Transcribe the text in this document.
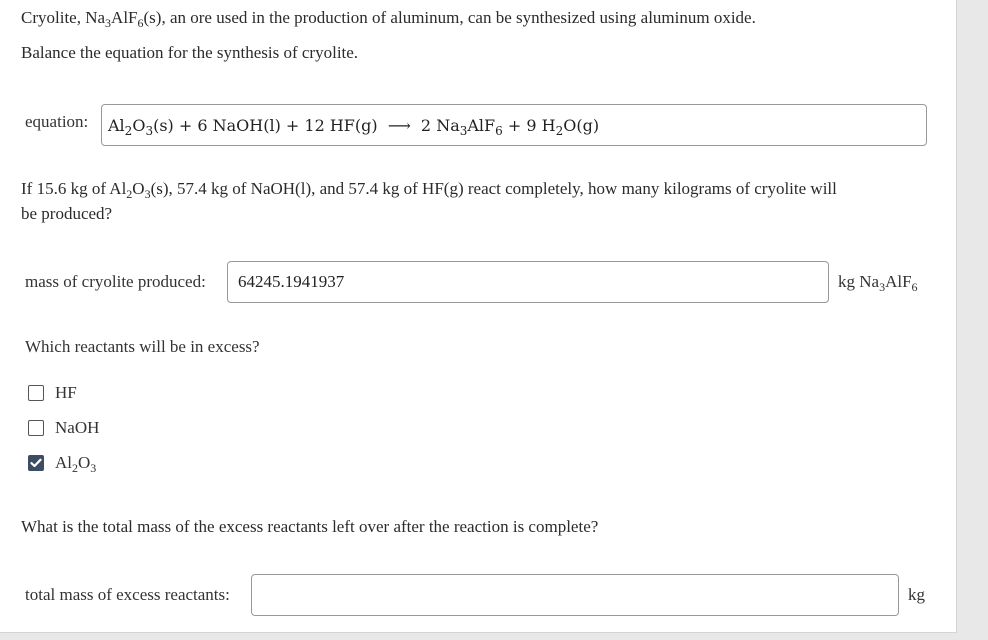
Cryolite, $Na_3AlF_6(s)$, an ore used in the production of aluminum, can be synthesized using aluminum oxide.
Balance the equation for the synthesis of cryolite.
equation: $Al_2O_3(s) + 6$ NaOH(l) + 12 HF(g) ⟶ 2 $Na_3AlF_6 + 9$ $H_2O(g)$
If 15.6 kg of $Al_2O_3(s)$, 57.4 kg of NaOH(l), and 57.4 kg of HF(g) react completely, how many kilograms of cryolite will
be produced?
mass of cryolite produced: 64245.1941937	kg $Na_3AlF_6$
Which reactants will be in excess?
HF
NaOH
$Al_2O_3$
What is the total mass of the excess reactants left over after the reaction is complete?
total mass of excess reactants:	kg
